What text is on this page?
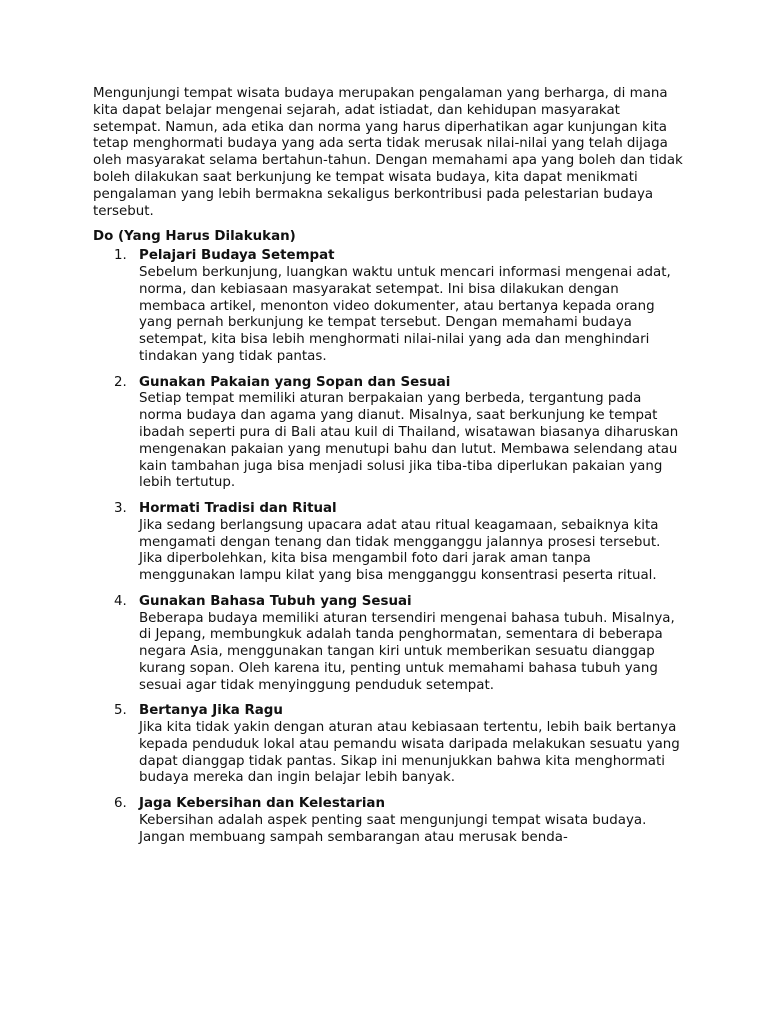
Mengunjungi tempat wisata budaya merupakan pengalaman yang berharga, di mana kita dapat belajar mengenai sejarah, adat istiadat, dan kehidupan masyarakat setempat. Namun, ada etika dan norma yang harus diperhatikan agar kunjungan kita tetap menghormati budaya yang ada serta tidak merusak nilai-nilai yang telah dijaga oleh masyarakat selama bertahun-tahun. Dengan memahami apa yang boleh dan tidak boleh dilakukan saat berkunjung ke tempat wisata budaya, kita dapat menikmati pengalaman yang lebih bermakna sekaligus berkontribusi pada pelestarian budaya tersebut.

Do (Yang Harus Dilakukan)
1. Pelajari Budaya Setempat
Sebelum berkunjung, luangkan waktu untuk mencari informasi mengenai adat, norma, dan kebiasaan masyarakat setempat. Ini bisa dilakukan dengan membaca artikel, menonton video dokumenter, atau bertanya kepada orang yang pernah berkunjung ke tempat tersebut. Dengan memahami budaya setempat, kita bisa lebih menghormati nilai-nilai yang ada dan menghindari tindakan yang tidak pantas.
2. Gunakan Pakaian yang Sopan dan Sesuai
Setiap tempat memiliki aturan berpakaian yang berbeda, tergantung pada norma budaya dan agama yang dianut. Misalnya, saat berkunjung ke tempat ibadah seperti pura di Bali atau kuil di Thailand, wisatawan biasanya diharuskan mengenakan pakaian yang menutupi bahu dan lutut. Membawa selendang atau kain tambahan juga bisa menjadi solusi jika tiba-tiba diperlukan pakaian yang lebih tertutup.
3. Hormati Tradisi dan Ritual
Jika sedang berlangsung upacara adat atau ritual keagamaan, sebaiknya kita mengamati dengan tenang dan tidak mengganggu jalannya prosesi tersebut. Jika diperbolehkan, kita bisa mengambil foto dari jarak aman tanpa menggunakan lampu kilat yang bisa mengganggu konsentrasi peserta ritual.
4. Gunakan Bahasa Tubuh yang Sesuai
Beberapa budaya memiliki aturan tersendiri mengenai bahasa tubuh. Misalnya, di Jepang, membungkuk adalah tanda penghormatan, sementara di beberapa negara Asia, menggunakan tangan kiri untuk memberikan sesuatu dianggap kurang sopan. Oleh karena itu, penting untuk memahami bahasa tubuh yang sesuai agar tidak menyinggung penduduk setempat.
5. Bertanya Jika Ragu
Jika kita tidak yakin dengan aturan atau kebiasaan tertentu, lebih baik bertanya kepada penduduk lokal atau pemandu wisata daripada melakukan sesuatu yang dapat dianggap tidak pantas. Sikap ini menunjukkan bahwa kita menghormati budaya mereka dan ingin belajar lebih banyak.
6. Jaga Kebersihan dan Kelestarian
Kebersihan adalah aspek penting saat mengunjungi tempat wisata budaya. Jangan membuang sampah sembarangan atau merusak benda-
